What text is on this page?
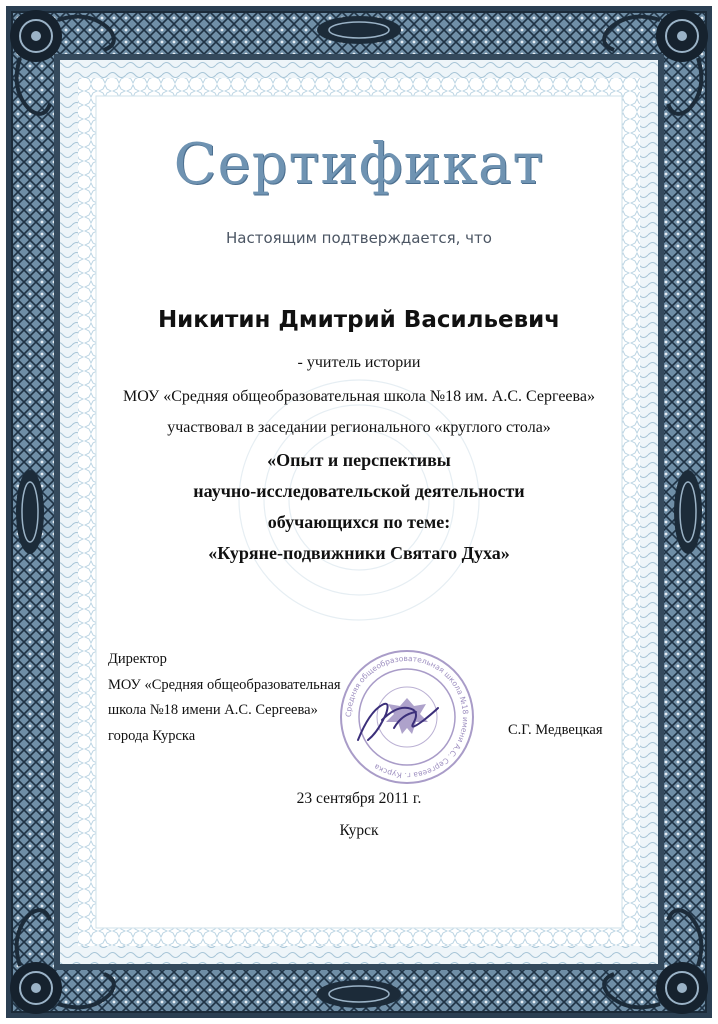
Сертификат
Настоящим подтверждается, что
Никитин Дмитрий Васильевич
- учитель истории
МОУ «Средняя общеобразовательная школа №18 им. А.С. Сергеева»
участвовал в заседании регионального «круглого стола»
«Опыт и перспективы
научно-исследовательской деятельности
обучающихся по теме:
«Куряне-подвижники Святаго Духа»
Директор
МОУ «Средняя общеобразовательная
школа №18 имени А.С. Сергеева»
города Курска
Средняя общеобразовательная школа №18 имени А.С. Сергеева г. Курска
С.Г. Медвецкая
23 сентября 2011 г.
Курск
